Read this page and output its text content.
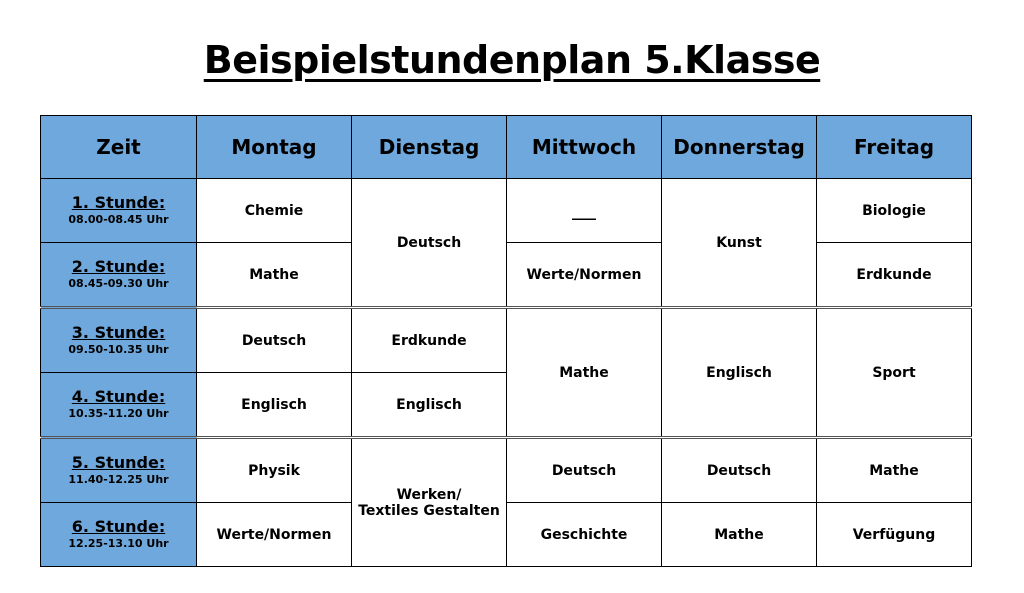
Beispielstundenplan 5.Klasse
Zeit	Montag	Dienstag	Mittwoch	Donnerstag	Freitag

1. Stunde:
08.00-08.45 Uhr	Chemie	Deutsch	___	Kunst	Biologie

2. Stunde:
08.45-09.30 Uhr	Mathe		Werte/Normen		Erdkunde

3. Stunde:
09.50-10.35 Uhr	Deutsch	Erdkunde	Mathe	Englisch	Sport

4. Stunde:
10.35-11.20 Uhr	Englisch	Englisch			

5. Stunde:
11.40-12.25 Uhr	Physik	Werken/
Textiles Gestalten	Deutsch	Deutsch	Mathe

6. Stunde:
12.25-13.10 Uhr	Werte/Normen		Geschichte	Mathe	Verfügung
